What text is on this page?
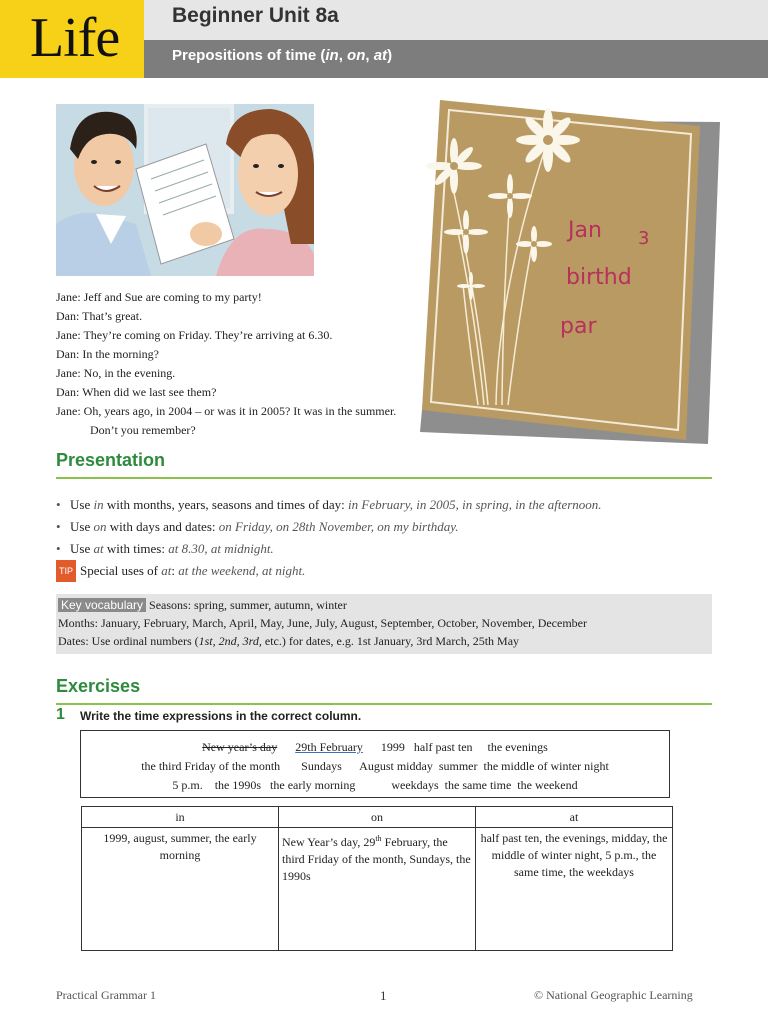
Life	Beginner Unit 8a
Prepositions of time (in, on, at)
Jane: Jeff and Sue are coming to my party!
Dan: That’s great.
Jane: They’re coming on Friday. They’re arriving at 6.30.
Dan: In the morning?
Jane: No, in the evening.
Dan: When did we last see them?
Jane: Oh, years ago, in 2004 – or was it in 2005? It was in the summer.
Don’t you remember?
Jan 3
birthd
par
Presentation
• Use in with months, years, seasons and times of day: in February, in 2005, in spring, in the afternoon.
• Use on with days and dates: on Friday, on 28th November, on my birthday.
• Use at with times: at 8.30, at midnight.
TIP Special uses of at: at the weekend, at night.
Key vocabulary Seasons: spring, summer, autumn, winter
Months: January, February, March, April, May, June, July, August, September, October, November, December
Dates: Use ordinal numbers (1st, 2nd, 3rd, etc.) for dates, e.g. 1st January, 3rd March, 25th May
Exercises
1 Write the time expressions in the correct column.
New year’s day 29th February 1999   half past ten     the evenings
the third Friday of the month       Sundays      August midday  summer  the middle of winter night
5 p.m.    the 1990s   the early morning            weekdays  the same time  the weekend
in	on	at
1999, august, summer, the early morning	New Year’s day, 29th February, the third Friday of the month, Sundays, the 1990s	half past ten, the evenings, midday, the middle of winter night, 5 p.m., the same time, the weekdays
Practical Grammar 1	1	© National Geographic Learning
